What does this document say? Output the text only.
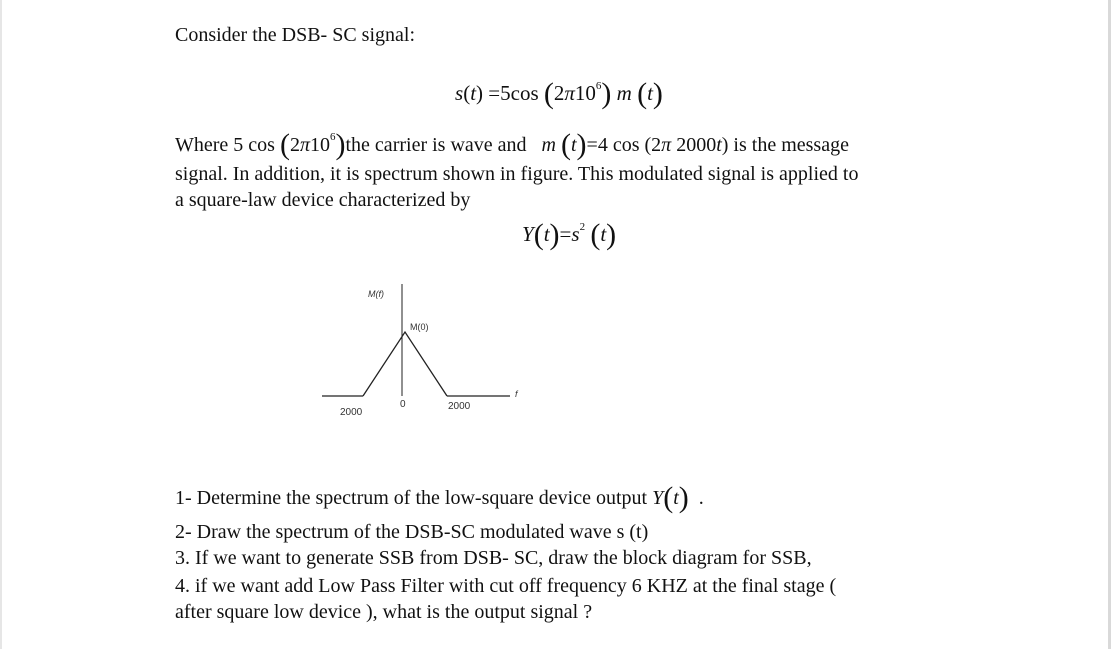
Consider the DSB- SC signal:
s(t) =5cos $(2\pi 10^6)$ m (t)
Where 5 $\cos (2\pi 10^6)the$ carrier is wave and m (t)=4 cos (2π 2000t) is the message
signal. In addition, it is spectrum shown in figure. This modulated signal is applied to
a square-law device characterized by
$Y(t)=s^2$ (t)
M(f)
M(0)
f
2000
0	2000
1- Determine the spectrum of the low-square device output Y(t) .
2- Draw the spectrum of the DSB-SC modulated wave s (t)
3. If we want to generate SSB from DSB- SC, draw the block diagram for SSB,
4. if we want add Low Pass Filter with cut off frequency 6 KHZ at the final stage (
after square low device ), what is the output signal ?
